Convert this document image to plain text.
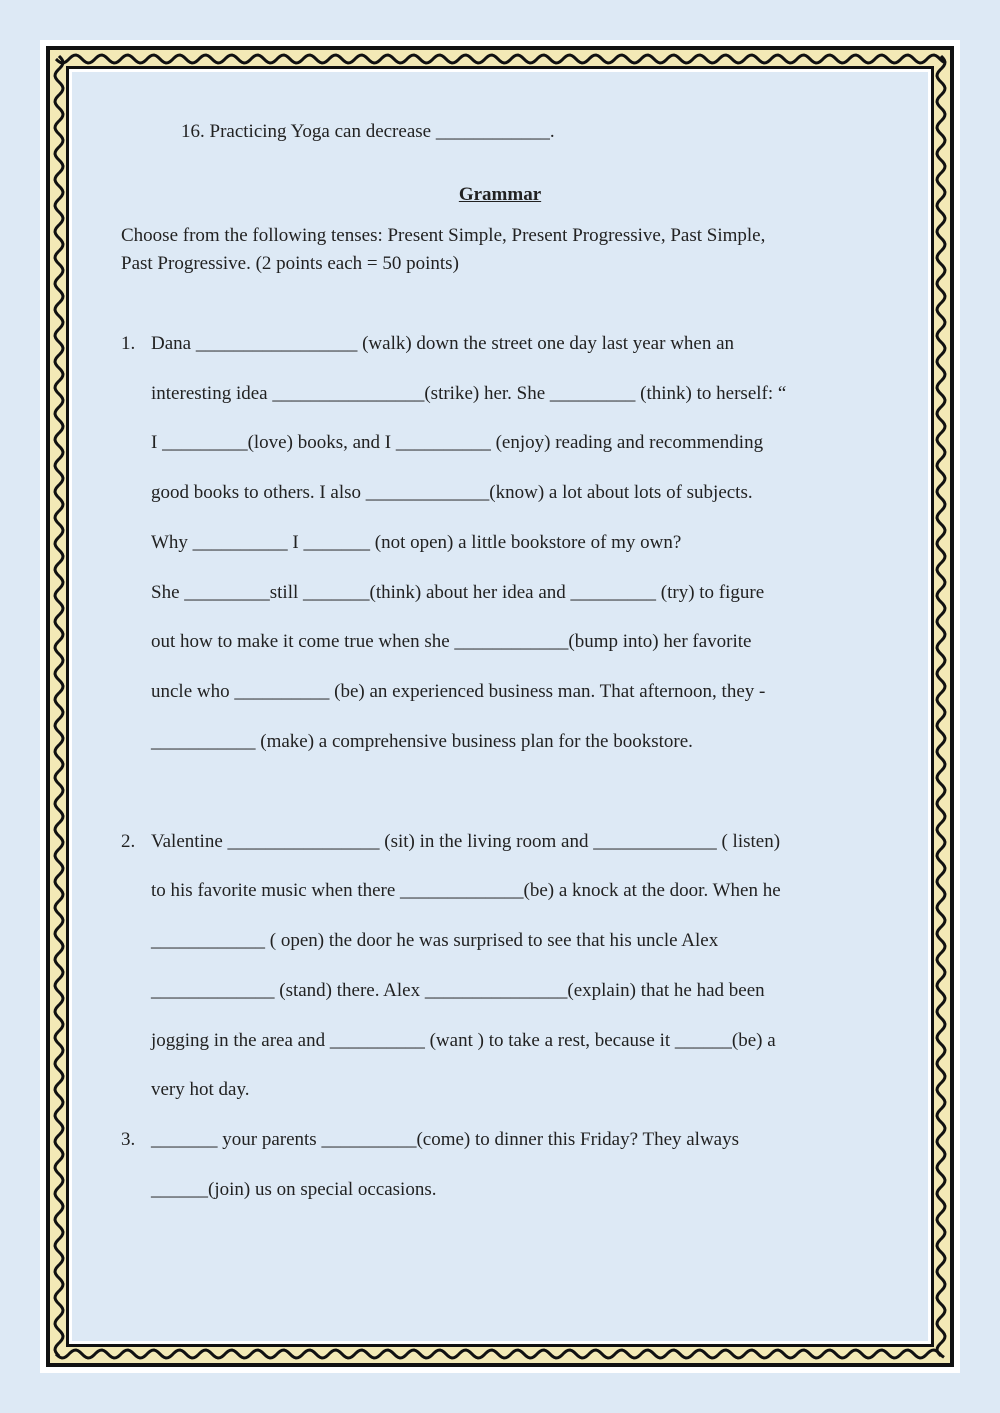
16. Practicing Yoga can decrease ____________.
Grammar
Choose from the following tenses: Present Simple, Present Progressive, Past Simple,
Past Progressive. (2 points each = 50 points)
1. Dana _________________ (walk) down the street one day last year when an
interesting idea ________________(strike) her. She _________ (think) to herself: “
I _________(love) books, and I __________ (enjoy) reading and recommending
good books to others. I also _____________(know) a lot about lots of subjects.
Why __________ I _______ (not open) a little bookstore of my own?
She _________still _______(think) about her idea and _________ (try) to figure
out how to make it come true when she ____________(bump into) her favorite
uncle who __________ (be) an experienced business man. That afternoon, they -
___________ (make) a comprehensive business plan for the bookstore.
2. Valentine ________________ (sit) in the living room and _____________ ( listen)
to his favorite music when there _____________(be) a knock at the door. When he
____________ ( open) the door he was surprised to see that his uncle Alex
_____________ (stand) there. Alex _______________(explain) that he had been
jogging in the area and __________ (want ) to take a rest, because it ______(be) a
very hot day.
3. _______ your parents __________(come) to dinner this Friday? They always
______(join) us on special occasions.
